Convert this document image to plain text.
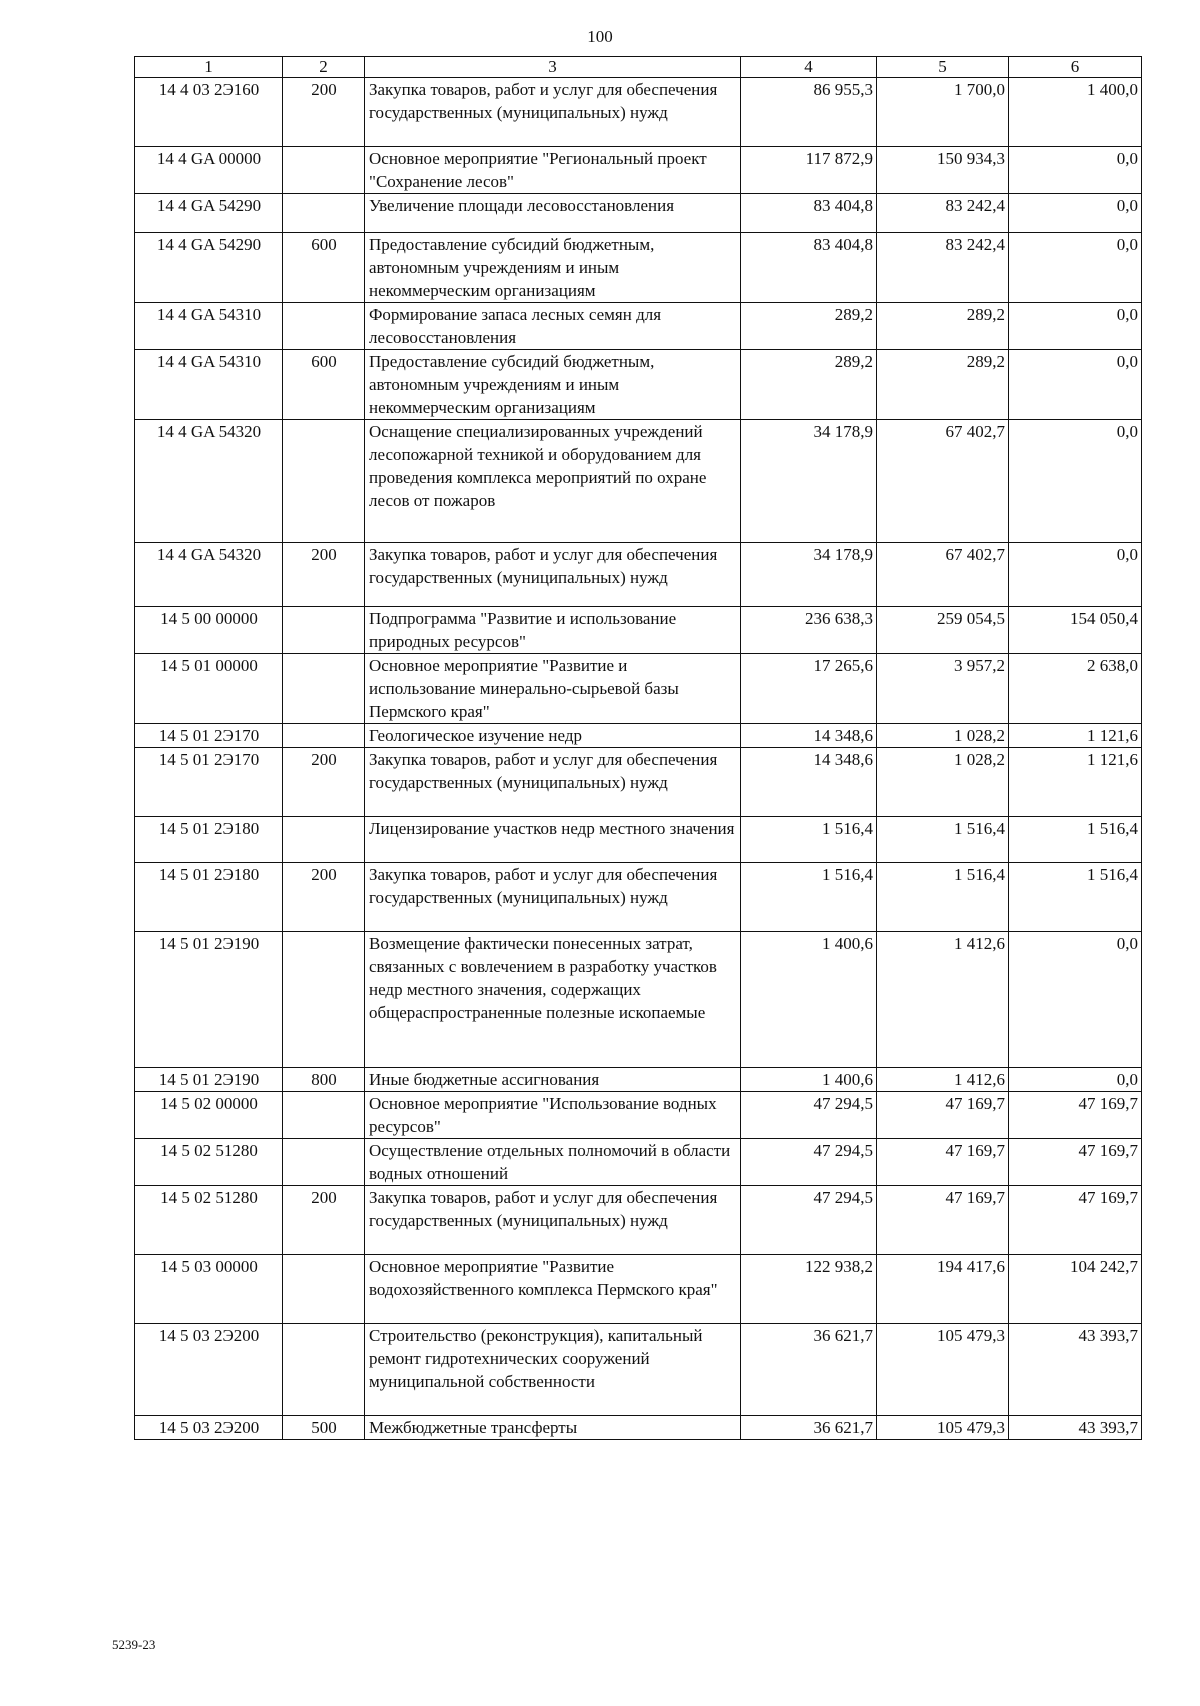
100
1	2	3	4	5	6
14 4 03 2Э160	200	Закупка товаров, работ и услуг для обеспечения государственных (муниципальных) нужд	86 955,3	1 700,0	1 400,0
14 4 GA 00000		Основное мероприятие "Региональный проект "Сохранение лесов"	117 872,9	150 934,3	0,0
14 4 GA 54290		Увеличение площади лесовосстановления	83 404,8	83 242,4	0,0
14 4 GA 54290	600	Предоставление субсидий бюджетным, автономным учреждениям и иным некоммерческим организациям	83 404,8	83 242,4	0,0
14 4 GA 54310		Формирование запаса лесных семян для лесовосстановления	289,2	289,2	0,0
14 4 GA 54310	600	Предоставление субсидий бюджетным, автономным учреждениям и иным некоммерческим организациям	289,2	289,2	0,0
14 4 GA 54320		Оснащение специализированных учреждений лесопожарной техникой и оборудованием для проведения комплекса мероприятий по охране лесов от пожаров	34 178,9	67 402,7	0,0
14 4 GA 54320	200	Закупка товаров, работ и услуг для обеспечения государственных (муниципальных) нужд	34 178,9	67 402,7	0,0
14 5 00 00000		Подпрограмма "Развитие и использование природных ресурсов"	236 638,3	259 054,5	154 050,4
14 5 01 00000		Основное мероприятие "Развитие и использование минерально-сырьевой базы Пермского края"	17 265,6	3 957,2	2 638,0
14 5 01 2Э170		Геологическое изучение недр	14 348,6	1 028,2	1 121,6
14 5 01 2Э170	200	Закупка товаров, работ и услуг для обеспечения государственных (муниципальных) нужд	14 348,6	1 028,2	1 121,6
14 5 01 2Э180		Лицензирование участков недр местного значения	1 516,4	1 516,4	1 516,4
14 5 01 2Э180	200	Закупка товаров, работ и услуг для обеспечения государственных (муниципальных) нужд	1 516,4	1 516,4	1 516,4
14 5 01 2Э190		Возмещение фактически понесенных затрат, связанных с вовлечением в разработку участков недр местного значения, содержащих общераспространенные полезные ископаемые	1 400,6	1 412,6	0,0
14 5 01 2Э190	800	Иные бюджетные ассигнования	1 400,6	1 412,6	0,0
14 5 02 00000		Основное мероприятие "Использование водных ресурсов"	47 294,5	47 169,7	47 169,7
14 5 02 51280		Осуществление отдельных полномочий в области водных отношений	47 294,5	47 169,7	47 169,7
14 5 02 51280	200	Закупка товаров, работ и услуг для обеспечения государственных (муниципальных) нужд	47 294,5	47 169,7	47 169,7
14 5 03 00000		Основное мероприятие "Развитие водохозяйственного комплекса Пермского края"	122 938,2	194 417,6	104 242,7
14 5 03 2Э200		Строительство (реконструкция), капитальный ремонт гидротехнических сооружений муниципальной собственности	36 621,7	105 479,3	43 393,7
14 5 03 2Э200	500	Межбюджетные трансферты	36 621,7	105 479,3	43 393,7
5239-23
